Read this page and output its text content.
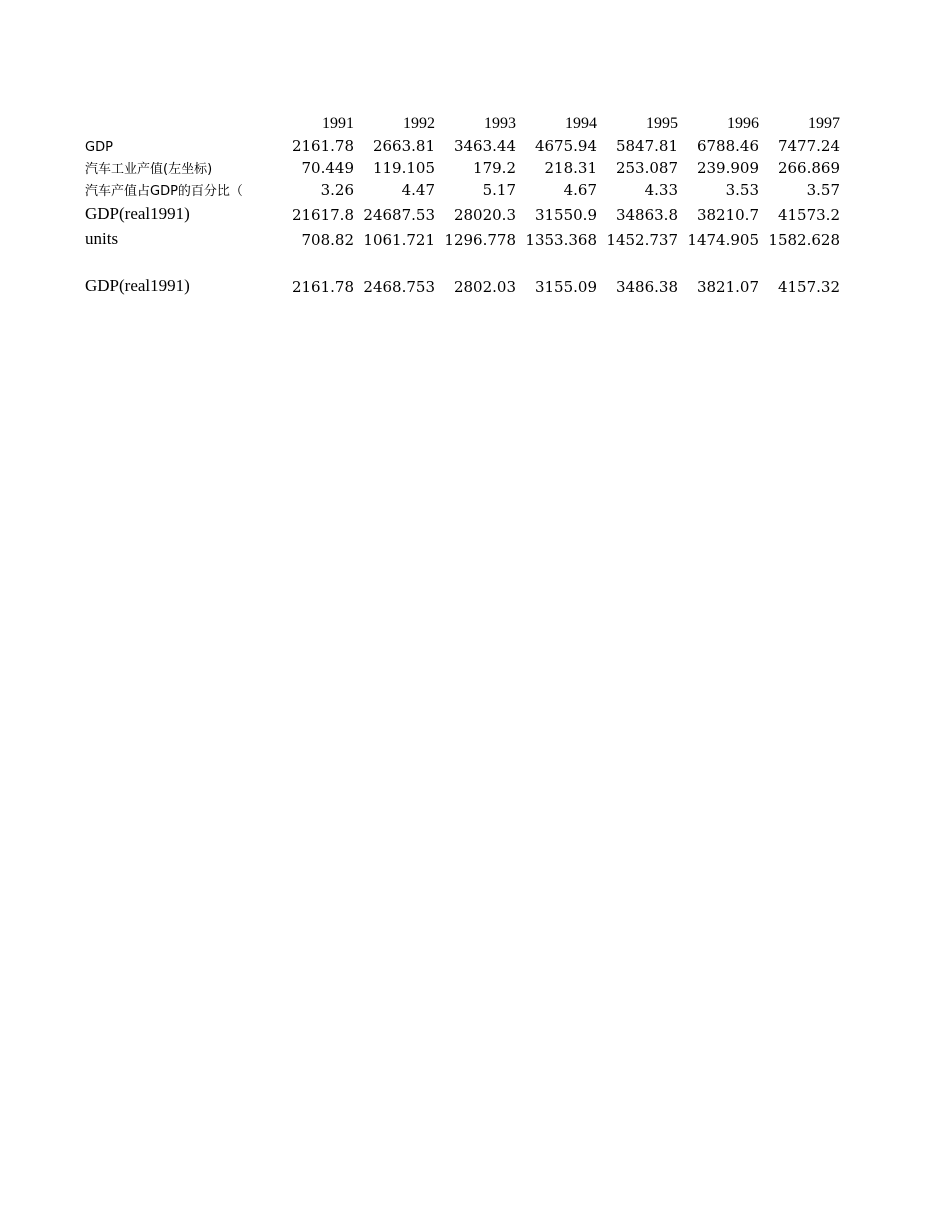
	1991	1992	1993	1994	1995	1996	1997
GDP	2161.78	2663.81	3463.44	4675.94	5847.81	6788.46	7477.24
汽车工业产值(左坐标)	70.449	119.105	179.2	218.31	253.087	239.909	266.869
汽车产值占GDP的百分比（	3.26	4.47	5.17	4.67	4.33	3.53	3.57
GDP(real1991)	21617.8	24687.53	28020.3	31550.9	34863.8	38210.7	41573.2
units	708.82	1061.721	1296.778	1353.368	1452.737	1474.905	1582.628

GDP(real1991)	2161.78	2468.753	2802.03	3155.09	3486.38	3821.07	4157.32
